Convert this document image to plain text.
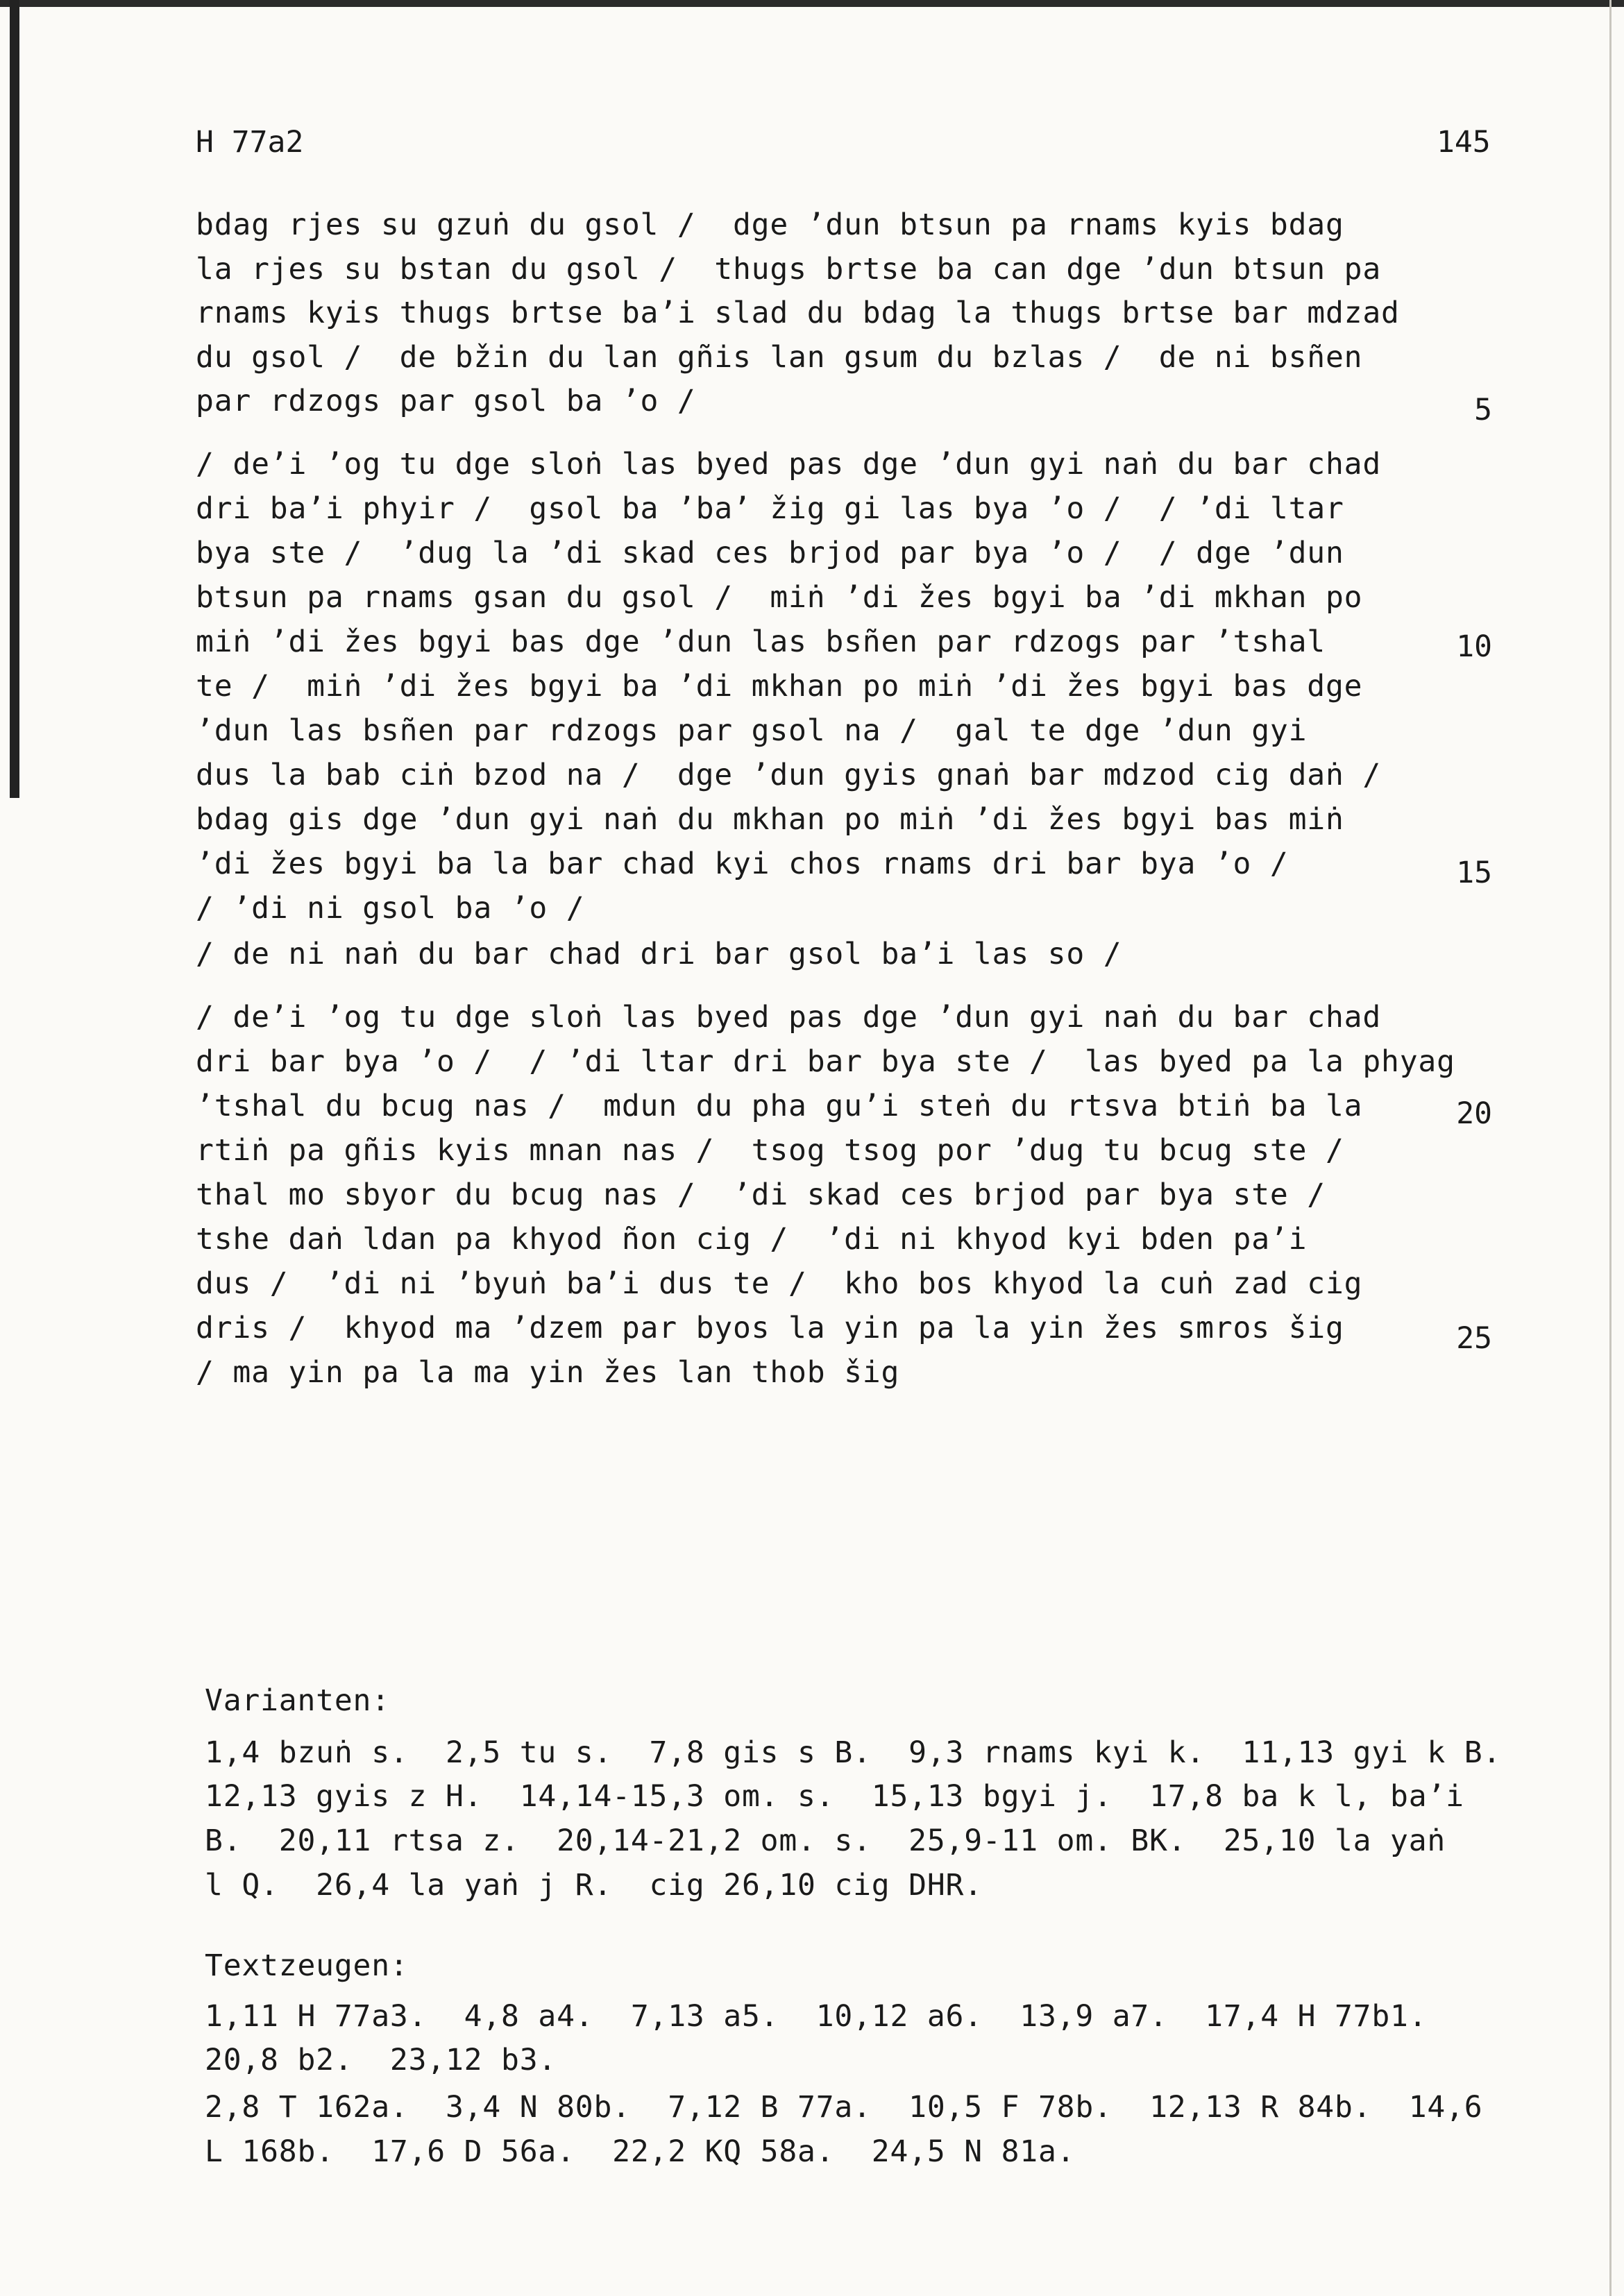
H 77a2	145
bdag rjes su gzuṅ du gsol /  dge ’dun btsun pa rnams kyis bdag
la rjes su bstan du gsol /  thugs brtse ba can dge ’dun btsun pa
rnams kyis thugs brtse ba’i slad du bdag la thugs brtse bar mdzad
du gsol /  de bžin du lan gñis lan gsum du bzlas /  de ni bsñen
par rdzogs par gsol ba ’o /
/ de’i ’og tu dge sloṅ las byed pas dge ’dun gyi naṅ du bar chad
dri ba’i phyir /  gsol ba ’ba’ žig gi las bya ’o /  / ’di ltar
bya ste /  ’dug la ’di skad ces brjod par bya ’o /  / dge ’dun
btsun pa rnams gsan du gsol /  miṅ ’di žes bgyi ba ’di mkhan po
miṅ ’di žes bgyi bas dge ’dun las bsñen par rdzogs par ’tshal
te /  miṅ ’di žes bgyi ba ’di mkhan po miṅ ’di žes bgyi bas dge
’dun las bsñen par rdzogs par gsol na /  gal te dge ’dun gyi
dus la bab ciṅ bzod na /  dge ’dun gyis gnaṅ bar mdzod cig daṅ /
bdag gis dge ’dun gyi naṅ du mkhan po miṅ ’di žes bgyi bas miṅ
’di žes bgyi ba la bar chad kyi chos rnams dri bar bya ’o /
/ ’di ni gsol ba ’o /
/ de ni naṅ du bar chad dri bar gsol ba’i las so /
/ de’i ’og tu dge sloṅ las byed pas dge ’dun gyi naṅ du bar chad
dri bar bya ’o /  / ’di ltar dri bar bya ste /  las byed pa la phyag
’tshal du bcug nas /  mdun du pha gu’i steṅ du rtsva btiṅ ba la
rtiṅ pa gñis kyis mnan nas /  tsog tsog por ’dug tu bcug ste /
thal mo sbyor du bcug nas /  ’di skad ces brjod par bya ste /
tshe daṅ ldan pa khyod ñon cig /  ’di ni khyod kyi bden pa’i
dus /  ’di ni ’byuṅ ba’i dus te /  kho bos khyod la cuṅ zad cig
dris /  khyod ma ’dzem par byos la yin pa la yin žes smros šig
/ ma yin pa la ma yin žes lan thob šig
5
10
15
20
25
Varianten:
1,4 bzuṅ s.  2,5 tu s.  7,8 gis s B.  9,3 rnams kyi k.  11,13 gyi k B.
12,13 gyis z H.  14,14-15,3 om. s.  15,13 bgyi j.  17,8 ba k l, ba’i
B.  20,11 rtsa z.  20,14-21,2 om. s.  25,9-11 om. BK.  25,10 la yaṅ
l Q.  26,4 la yaṅ j R.  cig 26,10 cig DHR.
Textzeugen:
1,11 H 77a3.  4,8 a4.  7,13 a5.  10,12 a6.  13,9 a7.  17,4 H 77b1.
20,8 b2.  23,12 b3.
2,8 T 162a.  3,4 N 80b.  7,12 B 77a.  10,5 F 78b.  12,13 R 84b.  14,6
L 168b.  17,6 D 56a.  22,2 KQ 58a.  24,5 N 81a.
